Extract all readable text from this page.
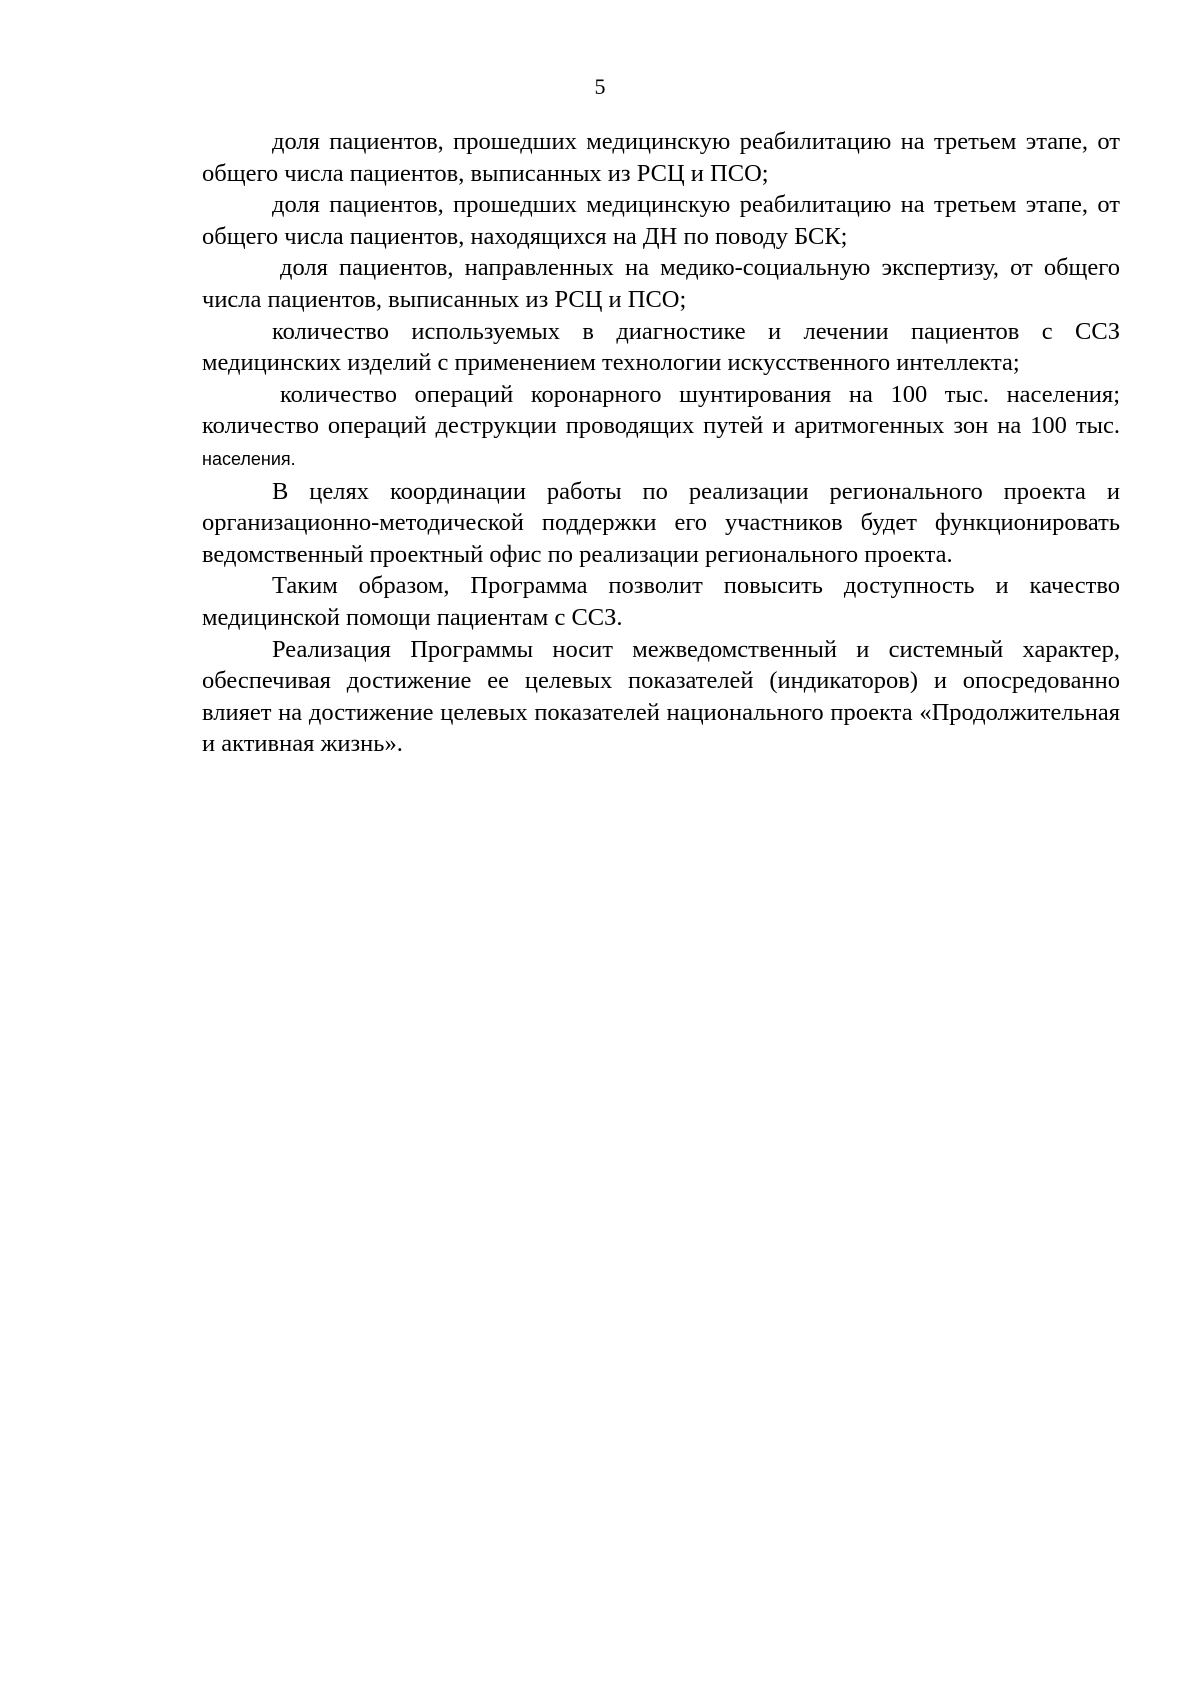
5

доля пациентов, прошедших медицинскую реабилитацию на третьем этапе, от общего числа пациентов, выписанных из РСЦ и ПСО;

доля пациентов, прошедших медицинскую реабилитацию на третьем этапе, от общего числа пациентов, находящихся на ДН по поводу БСК;

доля пациентов, направленных на медико-социальную экспертизу, от общего числа пациентов, выписанных из РСЦ и ПСО;

количество используемых в диагностике и лечении пациентов с ССЗ медицинских изделий с применением технологии искусственного интеллекта;

количество операций коронарного шунтирования на 100 тыс. населения; количество операций деструкции проводящих путей и аритмогенных зон на 100 тыс. населения.

В целях координации работы по реализации регионального проекта и организационно-методической поддержки его участников будет функционировать ведомственный проектный офис по реализации регионального проекта.

Таким образом, Программа позволит повысить доступность и качество медицинской помощи пациентам с ССЗ.

Реализация Программы носит межведомственный и системный характер, обеспечивая достижение ее целевых показателей (индикаторов) и опосредованно влияет на достижение целевых показателей национального проекта «Продолжительная и активная жизнь».
